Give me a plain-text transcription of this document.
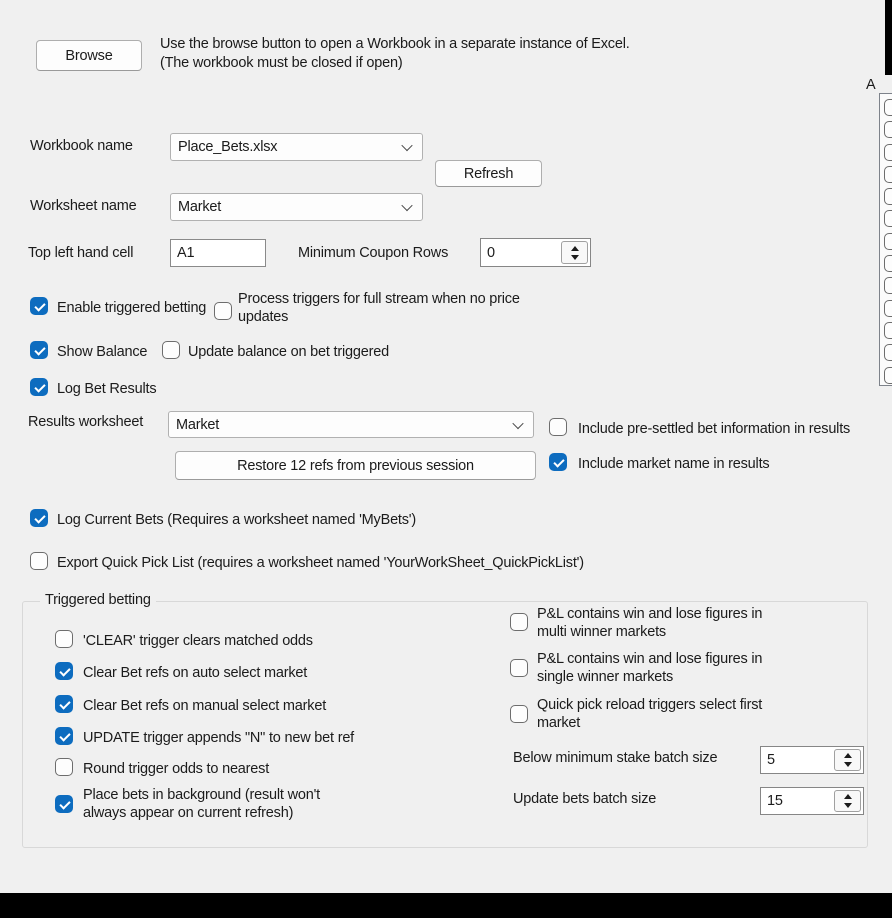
Browse
Use the browse button to open a Workbook in a separate instance of Excel.
(The workbook must be closed if open)
A
Workbook name	Place_Bets.xlsx
Refresh
Worksheet name	Market
Top left hand cell	A1	Minimum Coupon Rows	0
Enable triggered betting
Process triggers for full stream when no price updates
Show Balance	Update balance on bet triggered
Log Bet Results
Results worksheet Market	Include pre-settled bet information in results
Restore 12 refs from previous session	Include market name in results
Log Current Bets (Requires a worksheet named 'MyBets')
Export Quick Pick List (requires a worksheet named 'YourWorkSheet_QuickPickList')
Triggered betting
'CLEAR' trigger clears matched odds
Clear Bet refs on auto select market
Clear Bet refs on manual select market
UPDATE trigger appends "N" to new bet ref
Round trigger odds to nearest
Place bets in background (result won't always appear on current refresh)
P&L contains win and lose figures in multi winner markets
P&L contains win and lose figures in single winner markets
Quick pick reload triggers select first market
Below minimum stake batch size	5
Update bets batch size	15
